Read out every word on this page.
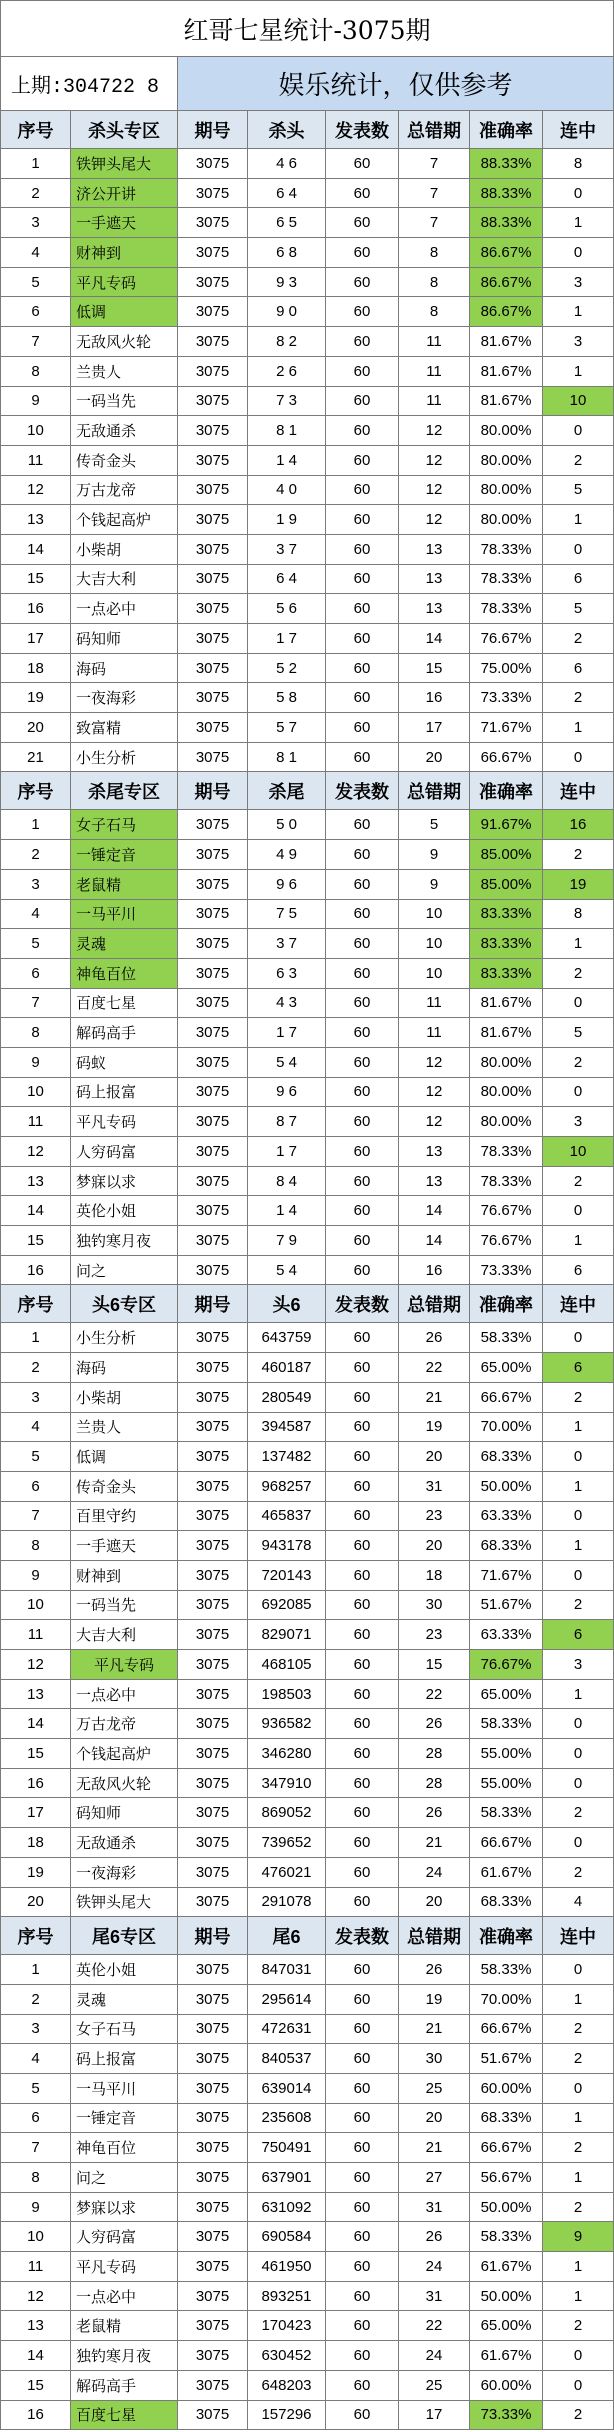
红哥七星统计-3075期
上期:304722 8	娱乐统计，仅供参考
序号	杀头专区	期号	杀头	发表数	总错期	准确率	连中
1	铁钾头尾大	3075	4 6	60	7	88.33%	8
2	济公开讲	3075	6 4	60	7	88.33%	0
3	一手遮天	3075	6 5	60	7	88.33%	1
4	财神到	3075	6 8	60	8	86.67%	0
5	平凡专码	3075	9 3	60	8	86.67%	3
6	低调	3075	9 0	60	8	86.67%	1
7	无敌风火轮	3075	8 2	60	11	81.67%	3
8	兰贵人	3075	2 6	60	11	81.67%	1
9	一码当先	3075	7 3	60	11	81.67%	10
10	无敌通杀	3075	8 1	60	12	80.00%	0
11	传奇金头	3075	1 4	60	12	80.00%	2
12	万古龙帝	3075	4 0	60	12	80.00%	5
13	个钱起高炉	3075	1 9	60	12	80.00%	1
14	小柴胡	3075	3 7	60	13	78.33%	0
15	大吉大利	3075	6 4	60	13	78.33%	6
16	一点必中	3075	5 6	60	13	78.33%	5
17	码知师	3075	1 7	60	14	76.67%	2
18	海码	3075	5 2	60	15	75.00%	6
19	一夜海彩	3075	5 8	60	16	73.33%	2
20	致富精	3075	5 7	60	17	71.67%	1
21	小生分析	3075	8 1	60	20	66.67%	0
序号	杀尾专区	期号	杀尾	发表数	总错期	准确率	连中
1	女子石马	3075	5 0	60	5	91.67%	16
2	一锤定音	3075	4 9	60	9	85.00%	2
3	老鼠精	3075	9 6	60	9	85.00%	19
4	一马平川	3075	7 5	60	10	83.33%	8
5	灵魂	3075	3 7	60	10	83.33%	1
6	神龟百位	3075	6 3	60	10	83.33%	2
7	百度七星	3075	4 3	60	11	81.67%	0
8	解码高手	3075	1 7	60	11	81.67%	5
9	码蚁	3075	5 4	60	12	80.00%	2
10	码上报富	3075	9 6	60	12	80.00%	0
11	平凡专码	3075	8 7	60	12	80.00%	3
12	人穷码富	3075	1 7	60	13	78.33%	10
13	梦寐以求	3075	8 4	60	13	78.33%	2
14	英伦小姐	3075	1 4	60	14	76.67%	0
15	独钓寒月夜	3075	7 9	60	14	76.67%	1
16	问之	3075	5 4	60	16	73.33%	6
序号	头6专区	期号	头6	发表数	总错期	准确率	连中
1	小生分析	3075	643759	60	26	58.33%	0
2	海码	3075	460187	60	22	65.00%	6
3	小柴胡	3075	280549	60	21	66.67%	2
4	兰贵人	3075	394587	60	19	70.00%	1
5	低调	3075	137482	60	20	68.33%	0
6	传奇金头	3075	968257	60	31	50.00%	1
7	百里守约	3075	465837	60	23	63.33%	0
8	一手遮天	3075	943178	60	20	68.33%	1
9	财神到	3075	720143	60	18	71.67%	0
10	一码当先	3075	692085	60	30	51.67%	2
11	大吉大利	3075	829071	60	23	63.33%	6
12	平凡专码	3075	468105	60	15	76.67%	3
13	一点必中	3075	198503	60	22	65.00%	1
14	万古龙帝	3075	936582	60	26	58.33%	0
15	个钱起高炉	3075	346280	60	28	55.00%	0
16	无敌风火轮	3075	347910	60	28	55.00%	0
17	码知师	3075	869052	60	26	58.33%	2
18	无敌通杀	3075	739652	60	21	66.67%	0
19	一夜海彩	3075	476021	60	24	61.67%	2
20	铁钾头尾大	3075	291078	60	20	68.33%	4
序号	尾6专区	期号	尾6	发表数	总错期	准确率	连中
1	英伦小姐	3075	847031	60	26	58.33%	0
2	灵魂	3075	295614	60	19	70.00%	1
3	女子石马	3075	472631	60	21	66.67%	2
4	码上报富	3075	840537	60	30	51.67%	2
5	一马平川	3075	639014	60	25	60.00%	0
6	一锤定音	3075	235608	60	20	68.33%	1
7	神龟百位	3075	750491	60	21	66.67%	2
8	问之	3075	637901	60	27	56.67%	1
9	梦寐以求	3075	631092	60	31	50.00%	2
10	人穷码富	3075	690584	60	26	58.33%	9
11	平凡专码	3075	461950	60	24	61.67%	1
12	一点必中	3075	893251	60	31	50.00%	1
13	老鼠精	3075	170423	60	22	65.00%	2
14	独钓寒月夜	3075	630452	60	24	61.67%	0
15	解码高手	3075	648203	60	25	60.00%	0
16	百度七星	3075	157296	60	17	73.33%	2
